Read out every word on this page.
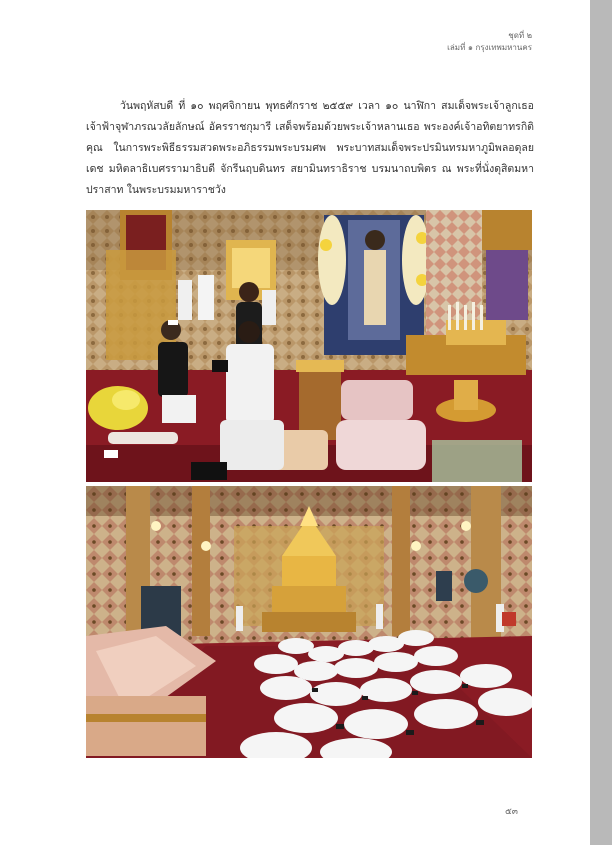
ชุดที่ ๒
เล่มที่ ๑ กรุงเทพมหานคร
วันพฤหัสบดี ที่ ๑๐ พฤศจิกายน พุทธศักราช ๒๕๕๙ เวลา ๑๐ นาฬิกา สมเด็จพระเจ้าลูกเธอ เจ้าฟ้าจุฬาภรณวลัยลักษณ์ อัครราชกุมารี เสด็จพร้อมด้วยพระเจ้าหลานเธอ พระองค์เจ้าอทิตยาทรกิติคุณ ในการพระพิธีธรรมสวดพระอภิธรรมพระบรมศพ พระบาทสมเด็จพระปรมินทรมหาภูมิพลอดุลยเดช มหิตลาธิเบศรรามาธิบดี จักรีนฤบดินทร สยามินทราธิราช บรมนาถบพิตร ณ พระที่นั่งดุสิตมหาปราสาท ในพระบรมมหาราชวัง
๕๓
